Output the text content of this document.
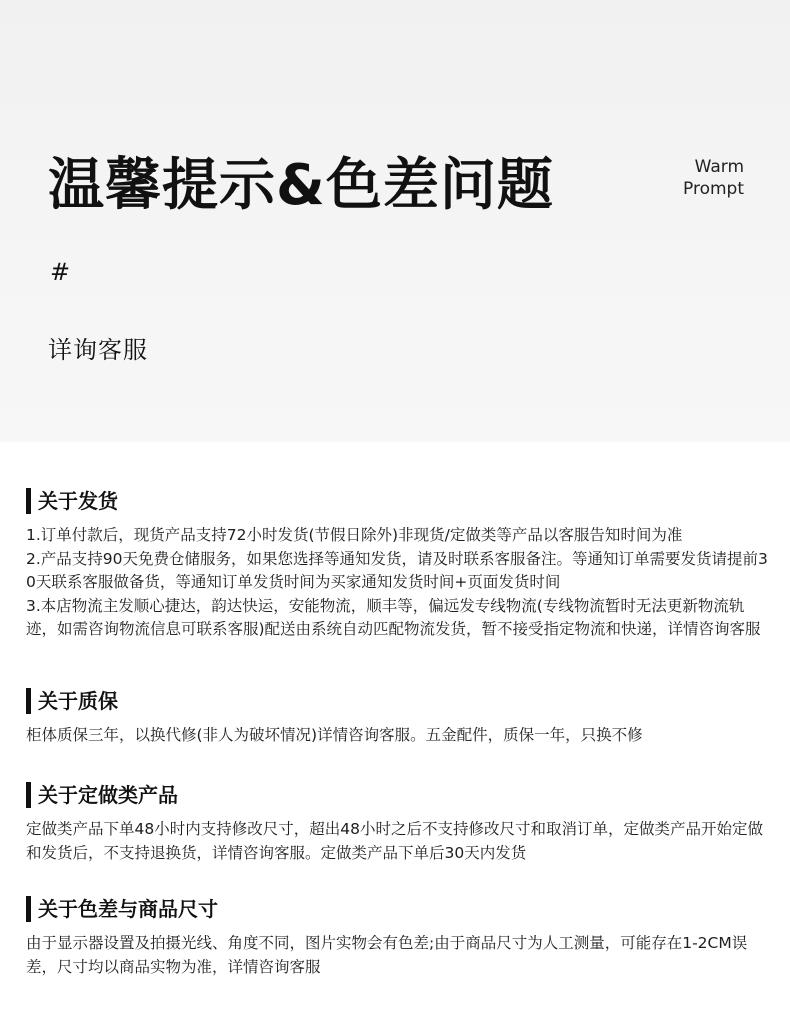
温馨提示&色差问题	Warm
Prompt
#
详询客服
关于发货

1.订单付款后，现货产品支持72小时发货(节假日除外)非现货/定做类等产品以客服告知时间为准

2.产品支持90天免费仓储服务，如果您选择等通知发货，请及时联系客服备注。等通知订单需要发货请提前30天联系客服做备货，等通知订单发货时间为买家通知发货时间+页面发货时间

3.本店物流主发顺心捷达，韵达快运，安能物流，顺丰等，偏远发专线物流(专线物流暂时无法更新物流轨迹，如需咨询物流信息可联系客服)配送由系统自动匹配物流发货，暂不接受指定物流和快递，详情咨询客服

关于质保

柜体质保三年，以换代修(非人为破坏情况)详情咨询客服。五金配件，质保一年，只换不修

关于定做类产品

定做类产品下单48小时内支持修改尺寸，超出48小时之后不支持修改尺寸和取消订单，定做类产品开始定做和发货后，不支持退换货，详情咨询客服。定做类产品下单后30天内发货

关于色差与商品尺寸

由于显示器设置及拍摄光线、角度不同，图片实物会有色差;由于商品尺寸为人工测量，可能存在1-2CM误差，尺寸均以商品实物为准，详情咨询客服
